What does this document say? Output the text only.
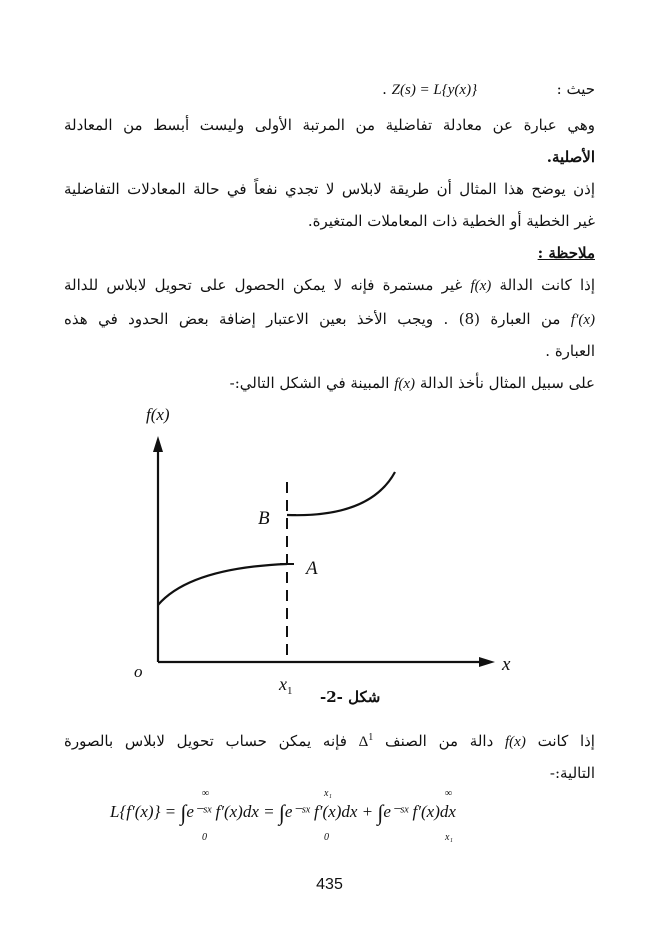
حيث :  Z(s) = L{y(x)} .
وهي عبارة عن معادلة تفاضلية من المرتبة الأولى وليست أبسط من المعادلة
الأصلية.
إذن يوضح هذا المثال أن طريقة لابلاس لا تجدي نفعاً في حالة المعادلات التفاضلية
غير الخطية أو الخطية ذات المعاملات المتغيرة.
ملاحظة :
إذا كانت الدالة f(x) غير مستمرة فإنه لا يمكن الحصول على تحويل لابلاس للدالة
f′(x) من العبارة (8) . ويجب الأخذ بعين الاعتبار إضافة بعض الحدود في هذه
العبارة .
على سبيل المثال نأخذ الدالة f(x) المبينة في الشكل التالي:-
f(x)
x
o
$x_1$
A
B
شكل -2-
إذا كانت f(x) دالة من الصنف $\Delta^1$ فإنه يمكن حساب تحويل لابلاس بالصورة
التالية:-
L{f′(x)} = ∫e⁻ˢˣ f′(x)dx = ∫e⁻ˢˣ f′(x)dx + ∫e⁻ˢˣ f′(x)dx
∞
0
x₁
0
∞
x₁
435
